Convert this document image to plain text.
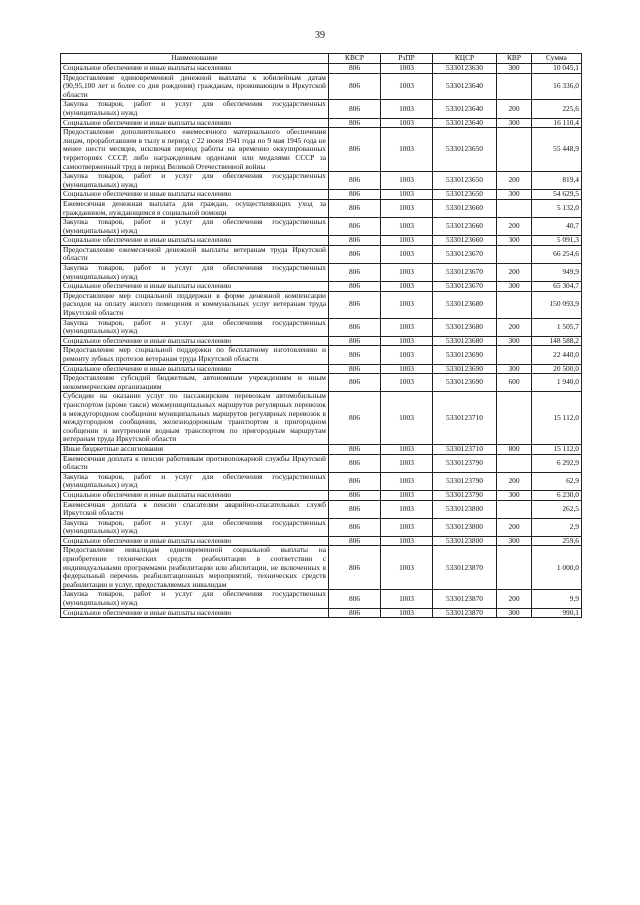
39
Наименование	КВСР	РзПР	КЦСР	КВР	Сумма
Социальное обеспечение и иные выплаты населению	806	1003	5330123630	300	10 045,1
Предоставление единовременной денежной выплаты к юбилейным датам (90,95,100 лет и более со дня рождения) гражданам, проживающим в Иркутской области	806	1003	5330123640		16 336,0
Закупка товаров, работ и услуг для обеспечения государственных (муниципальных) нужд	806	1003	5330123640	200	225,6
Социальное обеспечение и иные выплаты населению	806	1003	5330123640	300	16 110,4
Предоставление дополнительного ежемесячного материального обеспечения лицам, проработавшим в тылу в период с 22 июня 1941 года по 9 мая 1945 года не менее шести месяцев, исключая период работы на временно оккупированных территориях СССР, либо награжденным орденами или медалями СССР за самоотверженный труд в период Великой Отечественной войны	806	1003	5330123650		55 448,9
Закупка товаров, работ и услуг для обеспечения государственных (муниципальных) нужд	806	1003	5330123650	200	819,4
Социальное обеспечение и иные выплаты населению	806	1003	5330123650	300	54 629,5
Ежемесячная денежная выплата для граждан, осуществляющих уход за гражданином, нуждающимся в социальной помощи	806	1003	5330123660		5 132,0
Закупка товаров, работ и услуг для обеспечения государственных (муниципальных) нужд	806	1003	5330123660	200	40,7
Социальное обеспечение и иные выплаты населению	806	1003	5330123660	300	5 091,3
Предоставление ежемесячной денежной выплаты ветеранам труда Иркутской области	806	1003	5330123670		66 254,6
Закупка товаров, работ и услуг для обеспечения государственных (муниципальных) нужд	806	1003	5330123670	200	949,9
Социальное обеспечение и иные выплаты населению	806	1003	5330123670	300	65 304,7
Предоставление мер социальной поддержки в форме денежной компенсации расходов на оплату жилого помещения и коммунальных услуг ветеранам труда Иркутской области	806	1003	5330123680		150 093,9
Закупка товаров, работ и услуг для обеспечения государственных (муниципальных) нужд	806	1003	5330123680	200	1 505,7
Социальное обеспечение и иные выплаты населению	806	1003	5330123680	300	148 588,2
Предоставление мер социальной поддержки по бесплатному изготовлению и ремонту зубных протезов ветеранам труда Иркутской области	806	1003	5330123690		22 440,0
Социальное обеспечение и иные выплаты населению	806	1003	5330123690	300	20 500,0
Предоставление субсидий бюджетным, автономным учреждениям и иным некоммерческим организациям	806	1003	5330123690	600	1 940,0
Субсидии на оказание услуг по пассажирским перевозкам автомобильным транспортом (кроме такси) межмуниципальных маршрутов регулярных перевозок в междугородном сообщении муниципальных маршрутов регулярных перевозок в междугородном сообщении, железнодорожным транспортом в пригородном сообщении и внутренним водным транспортом по пригородным маршрутам ветеранам труда Иркутской области	806	1003	5330123710		15 112,0
Иные бюджетные ассигнования	806	1003	5330123710	800	15 112,0
Ежемесячная доплата к пенсии работникам противопожарной службы Иркутской области	806	1003	5330123790		6 292,9
Закупка товаров, работ и услуг для обеспечения государственных (муниципальных) нужд	806	1003	5330123790	200	62,9
Социальное обеспечение и иные выплаты населению	806	1003	5330123790	300	6 230,0
Ежемесячная доплата к пенсии спасателям аварийно-спасательных служб Иркутской области	806	1003	5330123800		262,5
Закупка товаров, работ и услуг для обеспечения государственных (муниципальных) нужд	806	1003	5330123800	200	2,9
Социальное обеспечение и иные выплаты населению	806	1003	5330123800	300	259,6
Предоставление инвалидам единовременной социальной выплаты на приобретение технических средств реабилитации в соответствии с индивидуальными программами реабилитации или абилитации, не включенных в федеральный перечень реабилитационных мероприятий, технических средств реабилитации и услуг, предоставляемых инвалидам	806	1003	5330123870		1 000,0
Закупка товаров, работ и услуг для обеспечения государственных (муниципальных) нужд	806	1003	5330123870	200	9,9
Социальное обеспечение и иные выплаты населению	806	1003	5330123870	300	990,1
